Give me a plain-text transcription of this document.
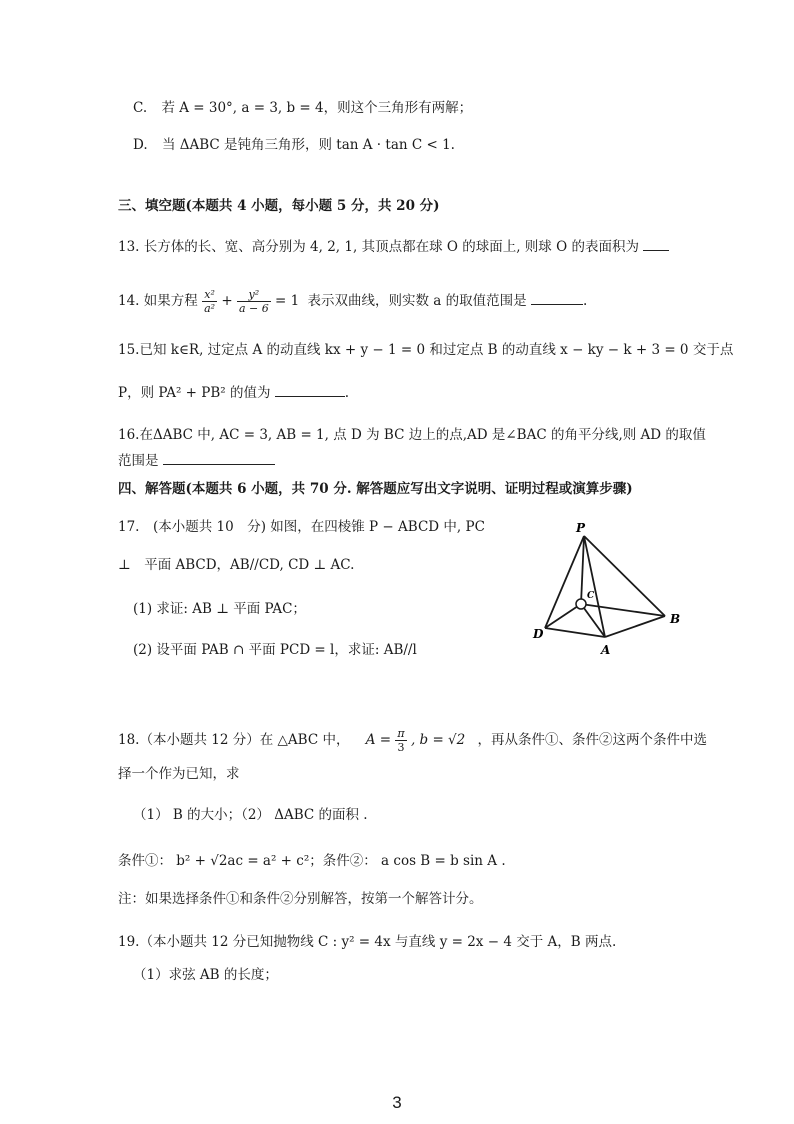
C. 若 A = 30°, a = 3, b = 4，则这个三角形有两解；
D. 当 ΔABC 是钝角三角形，则 tan A · tan C < 1.
三、填空题(本题共 4 小题，每小题 5 分，共 20 分)
13. 长方体的长、宽、高分别为 4, 2, 1, 其顶点都在球 O 的球面上, 则球 O 的表面积为
14. 如果方程 $\frac{\text{x²}}{\text{a²}} + \frac{\text{y²}}{a - 6} = 1$ 表示双曲线，则实数 a 的取值范围是	.
15.已知 k∈R, 过定点 A 的动直线 kx + y − 1 = 0 和过定点 B 的动直线 x − ky − k + 3 = 0 交于点
P，则 PA² + PB² 的值为	.
16.在ΔABC 中, AC = 3, AB = 1, 点 D 为 BC 边上的点,AD 是∠BAC 的角平分线,则 AD 的取值
范围是
四、解答题(本题共 6 小题，共 70 分. 解答题应写出文字说明、证明过程或演算步骤)
17.　(本小题共 10　分) 如图，在四棱锥 P − ABCD 中, PC
⊥　平面 ABCD，AB//CD, CD ⊥ AC.
(1) 求证: AB ⊥ 平面 PAC；
(2) 设平面 PAB ∩ 平面 PCD = l，求证: AB//l
P
B
D
A
C
18.（本小题共 12 分）在 △ABC 中， $A = \frac{\pi}{3}$ , b = √2 ，再从条件①、条件②这两个条件中选
择一个作为已知，求
（1） B 的大小；（2） ΔABC 的面积 .
条件①： b² + √2ac = a² + c²；条件②： a cos B = b sin A .
注：如果选择条件①和条件②分别解答，按第一个解答计分。
19.（本小题共 12 分已知抛物线 C : y² = 4x 与直线 y = 2x − 4 交于 A，B 两点.
（1）求弦 AB 的长度；
3
